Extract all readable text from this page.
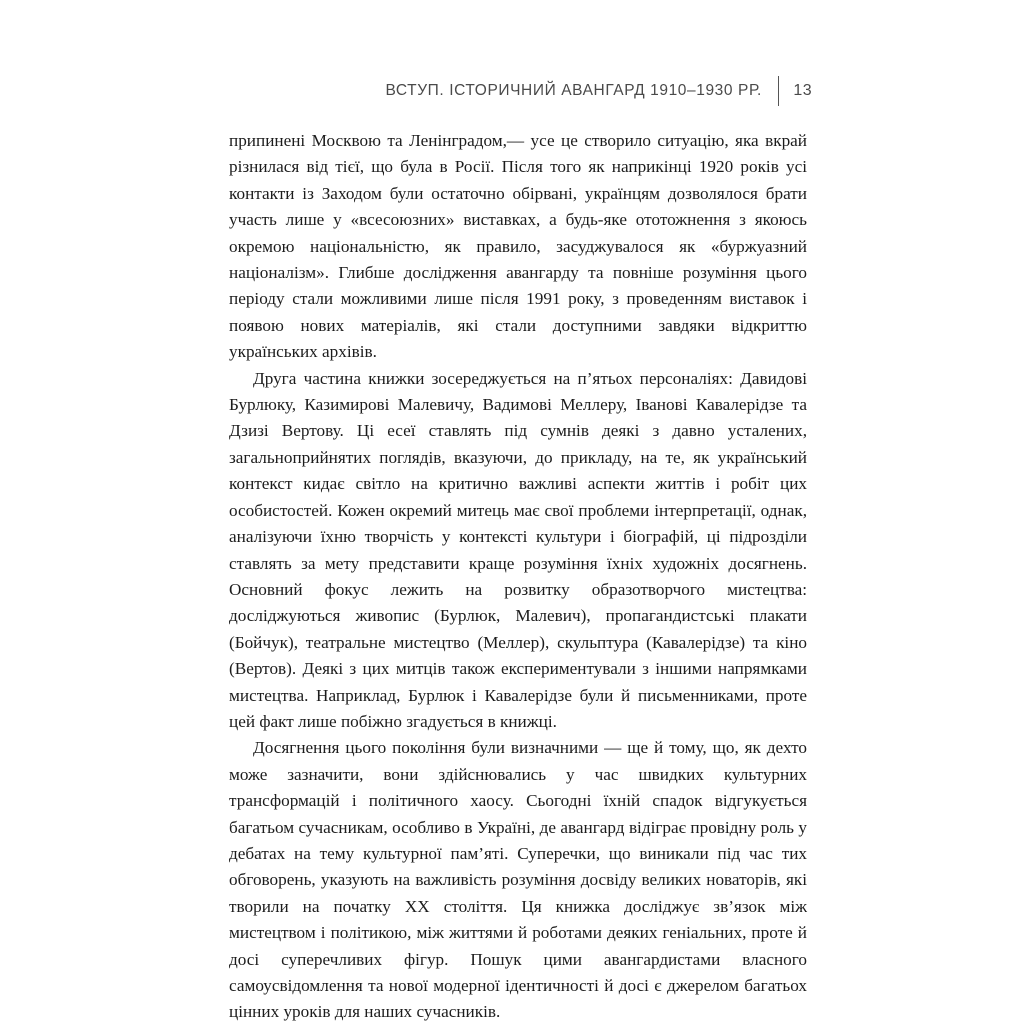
ВСТУП. ІСТОРИЧНИЙ АВАНГАРД 1910–1930 РР. 13

припинені Москвою та Ленінградом,— усе це створило ситуацію, яка вкрай різнилася від тієї, що була в Росії. Після того як наприкінці 1920 років усі контакти із Заходом були остаточно обірвані, українцям дозволялося брати участь лише у «всесоюзних» виставках, а будь-яке ототожнення з якоюсь окремою національністю, як правило, засуджувалося як «буржуазний націоналізм». Глибше дослідження авангарду та повніше розуміння цього періоду стали можливими лише після 1991 року, з проведенням виставок і появою нових матеріалів, які стали доступними завдяки відкриттю українських архівів.

Друга частина книжки зосереджується на п’ятьох персоналіях: Давидові Бурлюку, Казимирові Малевичу, Вадимові Меллеру, Іванові Кавалерідзе та Дзизі Вертову. Ці есеї ставлять під сумнів деякі з давно усталених, загальноприйнятих поглядів, вказуючи, до прикладу, на те, як український контекст кидає світло на критично важливі аспекти життів і робіт цих особистостей. Кожен окремий митець має свої проблеми інтерпретації, однак, аналізуючи їхню творчість у контексті культури і біографій, ці підрозділи ставлять за мету представити краще розуміння їхніх художніх досягнень. Основний фокус лежить на розвитку образотворчого мистецтва: досліджуються живопис (Бурлюк, Малевич), пропагандистські плакати (Бойчук), театральне мистецтво (Меллер), скульптура (Кавалерідзе) та кіно (Вертов). Деякі з цих митців також експериментували з іншими напрямками мистецтва. Наприклад, Бурлюк і Кавалерідзе були й письменниками, проте цей факт лише побіжно згадується в книжці.

Досягнення цього покоління були визначними — ще й тому, що, як дехто може зазначити, вони здійснювались у час швидких культурних трансформацій і політичного хаосу. Сьогодні їхній спадок відгукується багатьом сучасникам, особливо в Україні, де авангард відіграє провідну роль у дебатах на тему культурної пам’яті. Суперечки, що виникали під час тих обговорень, указують на важливість розуміння досвіду великих новаторів, які творили на початку XX століття. Ця книжка досліджує зв’язок між мистецтвом і політикою, між життями й роботами деяких геніальних, проте й досі суперечливих фігур. Пошук цими авангардистами власного самоусвідомлення та нової модерної ідентичності й досі є джерелом багатьох цінних уроків для наших сучасників.
